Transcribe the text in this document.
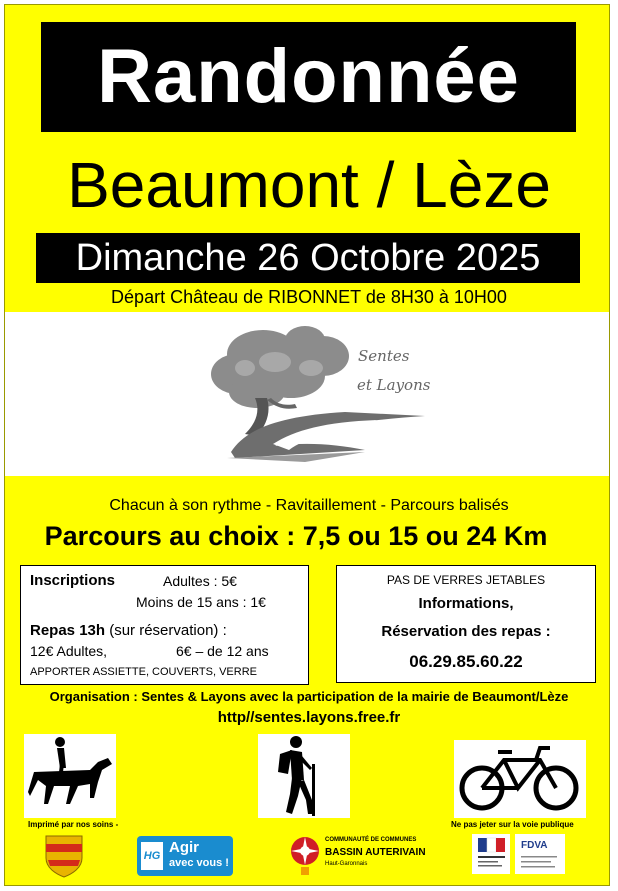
Randonnée
Beaumont / Lèze
Dimanche 26 Octobre 2025
Départ Château de RIBONNET de 8H30 à 10H00
Sentes
et Layons
Chacun à son rythme - Ravitaillement - Parcours balisés
Parcours au choix : 7,5 ou 15 ou 24 Km
Inscriptions	Adultes : 5€
Moins de 15 ans : 1€
Repas 13h (sur réservation) :
12€ Adultes,	6€ – de 12 ans
APPORTER ASSIETTE, COUVERTS, VERRE
PAS DE VERRES JETABLES
Informations,
Réservation des repas :
06.29.85.60.22
Organisation : Sentes & Layons avec la participation de la mairie de Beaumont/Lèze
http//sentes.layons.free.fr
Imprimé par nos soins -	Ne pas jeter sur la voie publique
HG Agir
avec vous !
COMMUNAUTÉ DE COMMUNES
BASSIN AUTERIVAIN
Haut-Garonnais
FDVA
